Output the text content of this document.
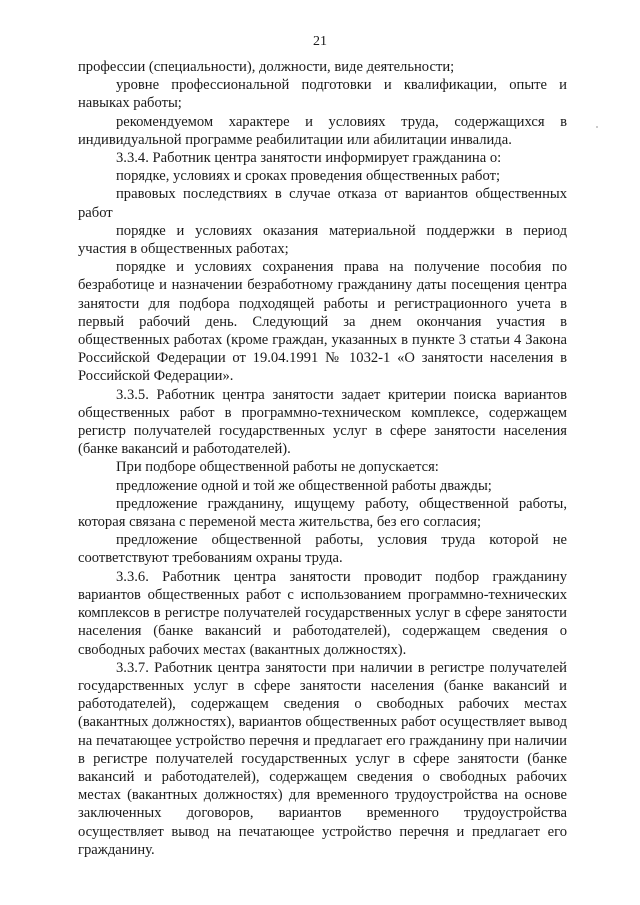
21

профессии (специальности), должности, виде деятельности;

уровне профессиональной подготовки и квалификации, опыте и навыках работы;

рекомендуемом характере и условиях труда, содержащихся в индивидуальной программе реабилитации или абилитации инвалида.

3.3.4. Работник центра занятости информирует гражданина о:

порядке, условиях и сроках проведения общественных работ;

правовых последствиях в случае отказа от вариантов общественных работ

порядке и условиях оказания материальной поддержки в период участия в общественных работах;

порядке и условиях сохранения права на получение пособия по безработице и назначении безработному гражданину даты посещения центра занятости для подбора подходящей работы и регистрационного учета в первый рабочий день. Следующий за днем окончания участия в общественных работах (кроме граждан, указанных в пункте 3 статьи 4 Закона Российской Федерации от 19.04.1991 № 1032-1 «О занятости населения в Российской Федерации».

3.3.5. Работник центра занятости задает критерии поиска вариантов общественных работ в программно-техническом комплексе, содержащем регистр получателей государственных услуг в сфере занятости населения (банке вакансий и работодателей).

При подборе общественной работы не допускается:

предложение одной и той же общественной работы дважды;

предложение гражданину, ищущему работу, общественной работы, которая связана с переменой места жительства, без его согласия;

предложение общественной работы, условия труда которой не соответствуют требованиям охраны труда.

3.3.6. Работник центра занятости проводит подбор гражданину вариантов общественных работ с использованием программно-технических комплексов в регистре получателей государственных услуг в сфере занятости населения (банке вакансий и работодателей), содержащем сведения о свободных рабочих местах (вакантных должностях).

3.3.7. Работник центра занятости при наличии в регистре получателей государственных услуг в сфере занятости населения (банке вакансий и работодателей), содержащем сведения о свободных рабочих местах (вакантных должностях), вариантов общественных работ осуществляет вывод на печатающее устройство перечня и предлагает его гражданину при наличии в регистре получателей государственных услуг в сфере занятости (банке вакансий и работодателей), содержащем сведения о свободных рабочих местах (вакантных должностях) для временного трудоустройства на основе заключенных договоров, вариантов временного трудоустройства осуществляет вывод на печатающее устройство перечня и предлагает его гражданину.
